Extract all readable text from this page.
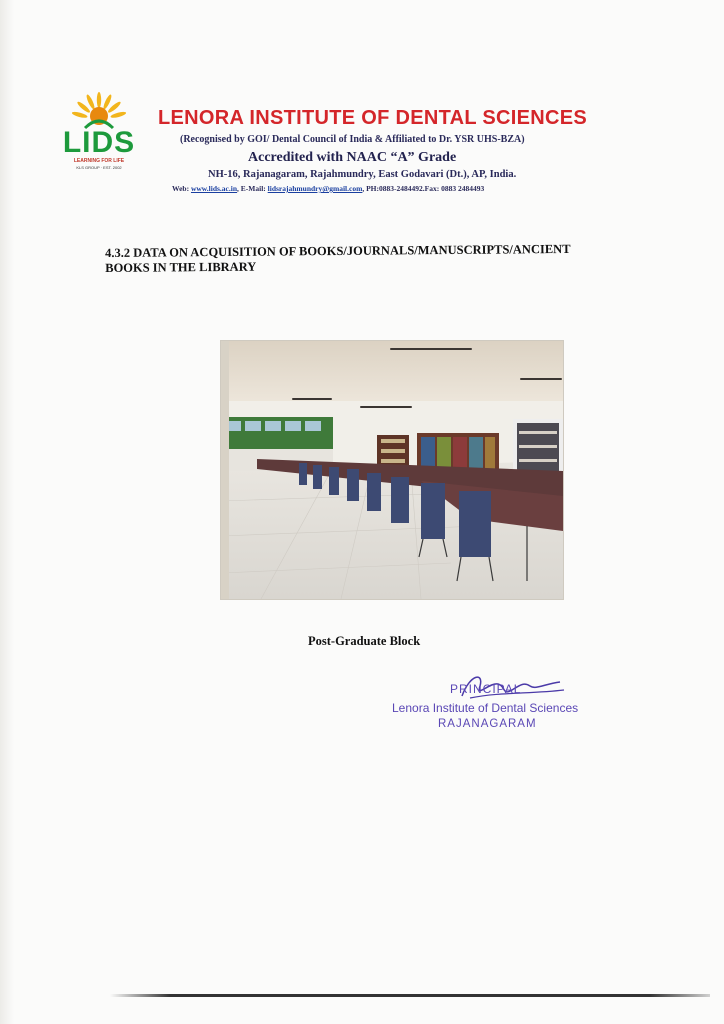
LIDS
LEARNING FOR LIFE
KLS GROUP · EST. 2002
LENORA INSTITUTE OF DENTAL SCIENCES
(Recognised by GOI/ Dental Council of India & Affiliated to Dr. YSR UHS-BZA)
Accredited with NAAC “A” Grade
NH-16, Rajanagaram, Rajahmundry, East Godavari (Dt.), AP, India.
Web: www.lids.ac.in, E-Mail: lidsrajahmundry@gmail.com, PH:0883-2484492.Fax: 0883 2484493
4.3.2 DATA ON ACQUISITION OF BOOKS/JOURNALS/MANUSCRIPTS/ANCIENT
BOOKS IN THE LIBRARY
Post-Graduate Block
PRINCIPAL
Lenora Institute of Dental Sciences
RAJANAGARAM
